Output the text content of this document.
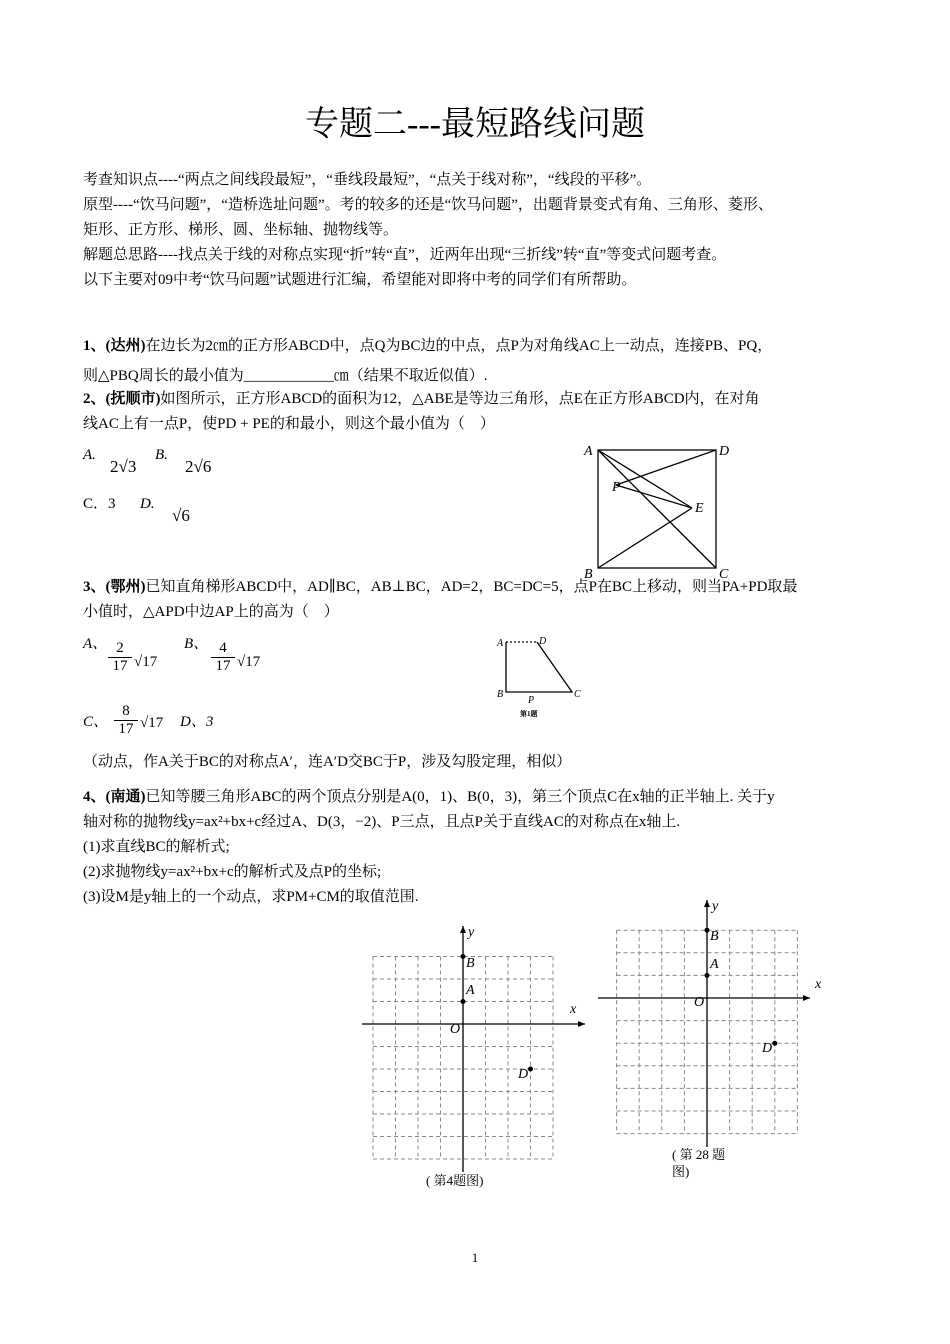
专题二---最短路线问题
考查知识点----“两点之间线段最短”，“垂线段最短”，“点关于线对称”，“线段的平移”。
原型----“饮马问题”，“造桥选址问题”。考的较多的还是“饮马问题”，出题背景变式有角、三角形、菱形、
矩形、正方形、梯形、圆、坐标轴、抛物线等。
解题总思路----找点关于线的对称点实现“折”转“直”，近两年出现“三折线”转“直”等变式问题考查。
以下主要对09中考“饮马问题”试题进行汇编，希望能对即将中考的同学们有所帮助。
1、(达州)在边长为2㎝的正方形ABCD中，点Q为BC边的中点，点P为对角线AC上一动点，连接PB、PQ，
则△PBQ周长的最小值为____________㎝（结果不取近似值）.
2、(抚顺市)如图所示，正方形ABCD的面积为12，△ABE是等边三角形，点E在正方形ABCD内，在对角
线AC上有一点P，使PD + PE的和最小，则这个最小值为（　）
A.
2√3
B.
2√6
C．3 D.
√6
3、(鄂州)已知直角梯形ABCD中，AD∥BC，AB⊥BC，AD=2，BC=DC=5，点P在BC上移动，则当PA+PD取最
小值时，△APD中边AP上的高为（　）
A、 $\frac{2}{17} √17$
B、 $\frac{4}{17} √17$
C、 $\frac{8}{17} √17$ D、3
（动点，作A关于BC的对称点A′，连A′D交BC于P，涉及勾股定理，相似）
4、(南通)已知等腰三角形ABC的两个顶点分别是A(0，1)、B(0，3)，第三个顶点C在x轴的正半轴上. 关于y
轴对称的抛物线y=ax²+bx+c经过A、D(3，−2)、P三点，且点P关于直线AC的对称点在x轴上.
(1)求直线BC的解析式;
(2)求抛物线y=ax²+bx+c的解析式及点P的坐标;
(3)设M是y轴上的一个动点，求PM+CM的取值范围.
A	D
B	C
P
E
A	D
B	C
P
第1题
x
y
O
A
B
D
( 第4题图)
x
y
O
A
B
D
( 第 28 题
图)
1
